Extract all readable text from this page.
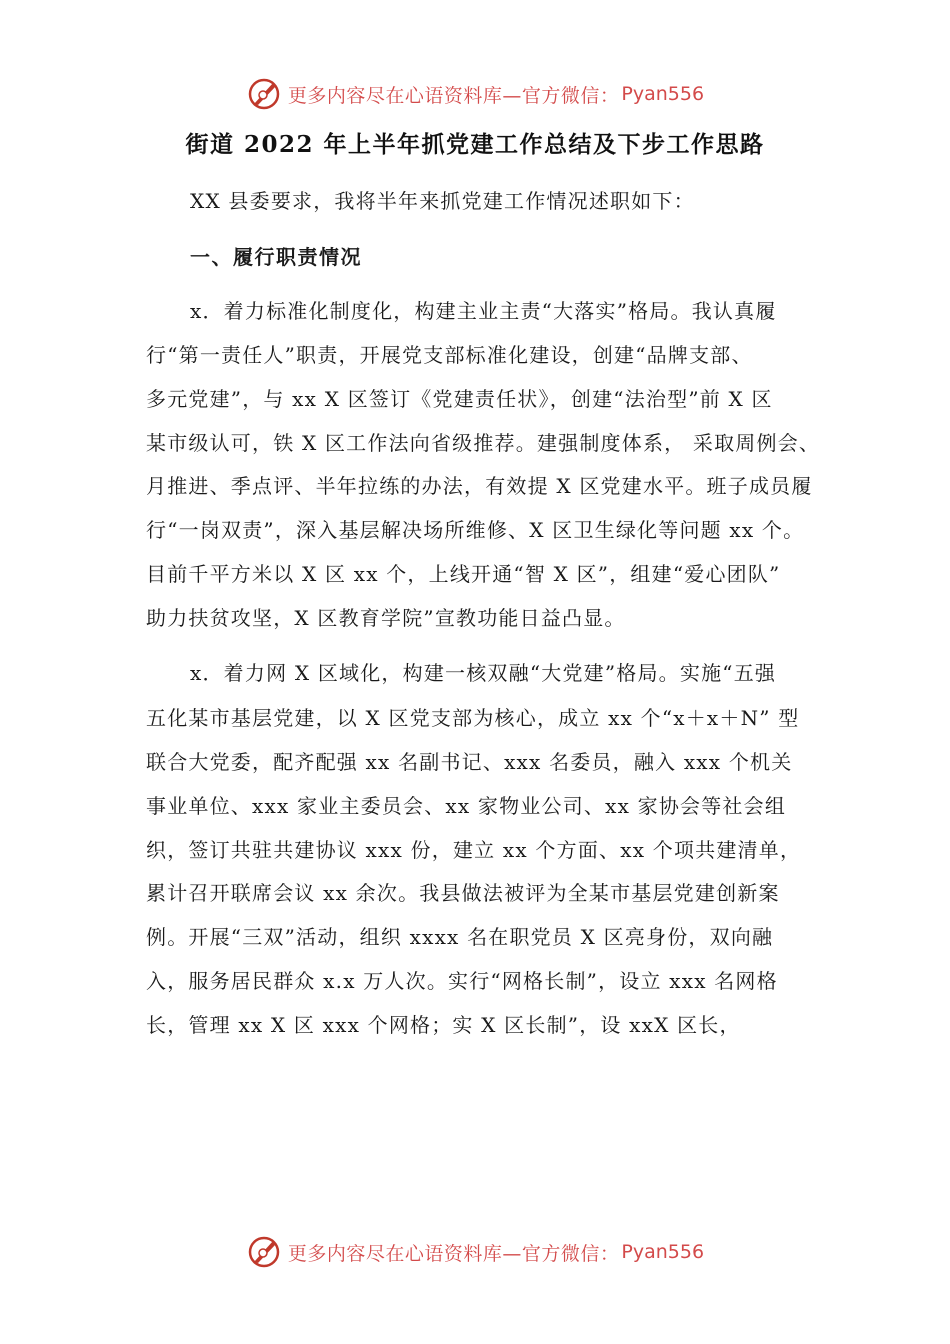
更多内容尽在心语资料库—官方微信： Pyan556
街道 2022 年上半年抓党建工作总结及下步工作思路
XX 县委要求，我将半年来抓党建工作情况述职如下：
一、履行职责情况
x．着力标准化制度化，构建主业主责“大落实”格局。我认真履
行“第一责任人”职责，开展党支部标准化建设，创建“品牌支部、
多元党建”，与 xx X 区签订《党建责任状》，创建“法治型”前 X 区
某市级认可，铁 X 区工作法向省级推荐。建强制度体系， 采取周例会、
月推进、季点评、半年拉练的办法，有效提 X 区党建水平。班子成员履
行“一岗双责”，深入基层解决场所维修、X 区卫生绿化等问题 xx 个。
目前千平方米以 X 区 xx 个，上线开通“智 X 区”，组建“爱心团队”
助力扶贫攻坚，X 区教育学院”宣教功能日益凸显。
x．着力网 X 区域化，构建一核双融“大党建”格局。实施“五强
五化某市基层党建，以 X 区党支部为核心，成立 xx 个“x＋x＋N” 型
联合大党委，配齐配强 xx 名副书记、xxx 名委员，融入 xxx 个机关
事业单位、xxx 家业主委员会、xx 家物业公司、xx 家协会等社会组
织，签订共驻共建协议 xxx 份，建立 xx 个方面、xx 个项共建清单，
累计召开联席会议 xx 余次。我县做法被评为全某市基层党建创新案
例。开展“三双”活动，组织 xxxx 名在职党员 X 区亮身份，双向融
入，服务居民群众 x.x 万人次。实行“网格长制”，设立 xxx 名网格
长，管理 xx X 区 xxx 个网格；实 X 区长制”，设 xxX 区长，
更多内容尽在心语资料库—官方微信： Pyan556
